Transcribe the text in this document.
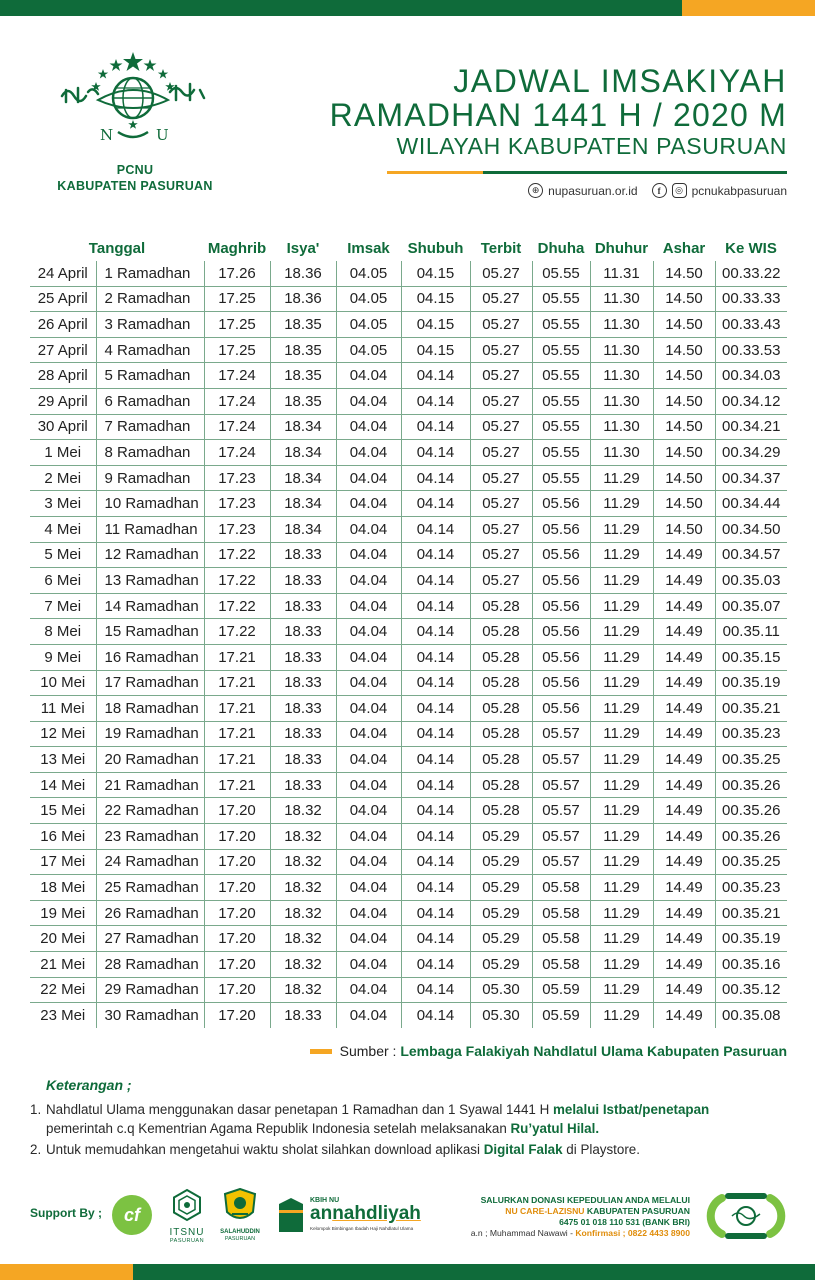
N	U
PCNU
KABUPATEN PASURUAN
JADWAL IMSAKIYAH
RAMADHAN 1441 H / 2020 M
WILAYAH KABUPATEN PASURUAN
⊕ nupasuruan.or.id	f	◎ pcnukabpasuruan
Tanggal		Maghrib	Isya'	Imsak	Shubuh	Terbit	Dhuha	Dhuhur	Ashar	Ke WIS
24 April	1 Ramadhan	17.26	18.36	04.05	04.15	05.27	05.55	11.31	14.50	00.33.22
25 April	2 Ramadhan	17.25	18.36	04.05	04.15	05.27	05.55	11.30	14.50	00.33.33
26 April	3 Ramadhan	17.25	18.35	04.05	04.15	05.27	05.55	11.30	14.50	00.33.43
27 April	4 Ramadhan	17.25	18.35	04.05	04.15	05.27	05.55	11.30	14.50	00.33.53
28 April	5 Ramadhan	17.24	18.35	04.04	04.14	05.27	05.55	11.30	14.50	00.34.03
29 April	6 Ramadhan	17.24	18.35	04.04	04.14	05.27	05.55	11.30	14.50	00.34.12
30 April	7 Ramadhan	17.24	18.34	04.04	04.14	05.27	05.55	11.30	14.50	00.34.21
1 Mei	8 Ramadhan	17.24	18.34	04.04	04.14	05.27	05.55	11.30	14.50	00.34.29
2 Mei	9 Ramadhan	17.23	18.34	04.04	04.14	05.27	05.55	11.29	14.50	00.34.37
3 Mei	10 Ramadhan	17.23	18.34	04.04	04.14	05.27	05.56	11.29	14.50	00.34.44
4 Mei	11 Ramadhan	17.23	18.34	04.04	04.14	05.27	05.56	11.29	14.50	00.34.50
5 Mei	12 Ramadhan	17.22	18.33	04.04	04.14	05.27	05.56	11.29	14.49	00.34.57
6 Mei	13 Ramadhan	17.22	18.33	04.04	04.14	05.27	05.56	11.29	14.49	00.35.03
7 Mei	14 Ramadhan	17.22	18.33	04.04	04.14	05.28	05.56	11.29	14.49	00.35.07
8 Mei	15 Ramadhan	17.22	18.33	04.04	04.14	05.28	05.56	11.29	14.49	00.35.11
9 Mei	16 Ramadhan	17.21	18.33	04.04	04.14	05.28	05.56	11.29	14.49	00.35.15
10 Mei	17 Ramadhan	17.21	18.33	04.04	04.14	05.28	05.56	11.29	14.49	00.35.19
11 Mei	18 Ramadhan	17.21	18.33	04.04	04.14	05.28	05.56	11.29	14.49	00.35.21
12 Mei	19 Ramadhan	17.21	18.33	04.04	04.14	05.28	05.57	11.29	14.49	00.35.23
13 Mei	20 Ramadhan	17.21	18.33	04.04	04.14	05.28	05.57	11.29	14.49	00.35.25
14 Mei	21 Ramadhan	17.21	18.33	04.04	04.14	05.28	05.57	11.29	14.49	00.35.26
15 Mei	22 Ramadhan	17.20	18.32	04.04	04.14	05.28	05.57	11.29	14.49	00.35.26
16 Mei	23 Ramadhan	17.20	18.32	04.04	04.14	05.29	05.57	11.29	14.49	00.35.26
17 Mei	24 Ramadhan	17.20	18.32	04.04	04.14	05.29	05.57	11.29	14.49	00.35.25
18 Mei	25 Ramadhan	17.20	18.32	04.04	04.14	05.29	05.58	11.29	14.49	00.35.23
19 Mei	26 Ramadhan	17.20	18.32	04.04	04.14	05.29	05.58	11.29	14.49	00.35.21
20 Mei	27 Ramadhan	17.20	18.32	04.04	04.14	05.29	05.58	11.29	14.49	00.35.19
21 Mei	28 Ramadhan	17.20	18.32	04.04	04.14	05.29	05.58	11.29	14.49	00.35.16
22 Mei	29 Ramadhan	17.20	18.32	04.04	04.14	05.30	05.59	11.29	14.49	00.35.12
23 Mei	30 Ramadhan	17.20	18.33	04.04	04.14	05.30	05.59	11.29	14.49	00.35.08
Sumber :
Lembaga Falakiyah Nahdlatul Ulama Kabupaten Pasuruan
Keterangan ;
1. Nahdlatul Ulama menggunakan dasar penetapan 1 Ramadhan dan 1 Syawal 1441 H melalui Istbat/penetapan
pemerintah c.q Kementrian Agama Republik Indonesia setelah melaksanakan Ru’yatul Hilal.
2. Untuk memudahkan mengetahui waktu sholat silahkan download aplikasi Digital Falak di Playstore.
Support By ; cf
ITSNU
PASURUAN
SALAHUDDIN
PASURUAN
KBIH NU
annahdliyah
Kelompok Bimbingan Ibadah Haji Nahdlatul Ulama
SALURKAN DONASI KEPEDULIAN ANDA MELALUI
NU CARE-LAZISNU KABUPATEN PASURUAN
6475 01 018 110 531 (BANK BRI)
a.n ; Muhammad Nawawi - Konfirmasi ; 0822 4433 8900
